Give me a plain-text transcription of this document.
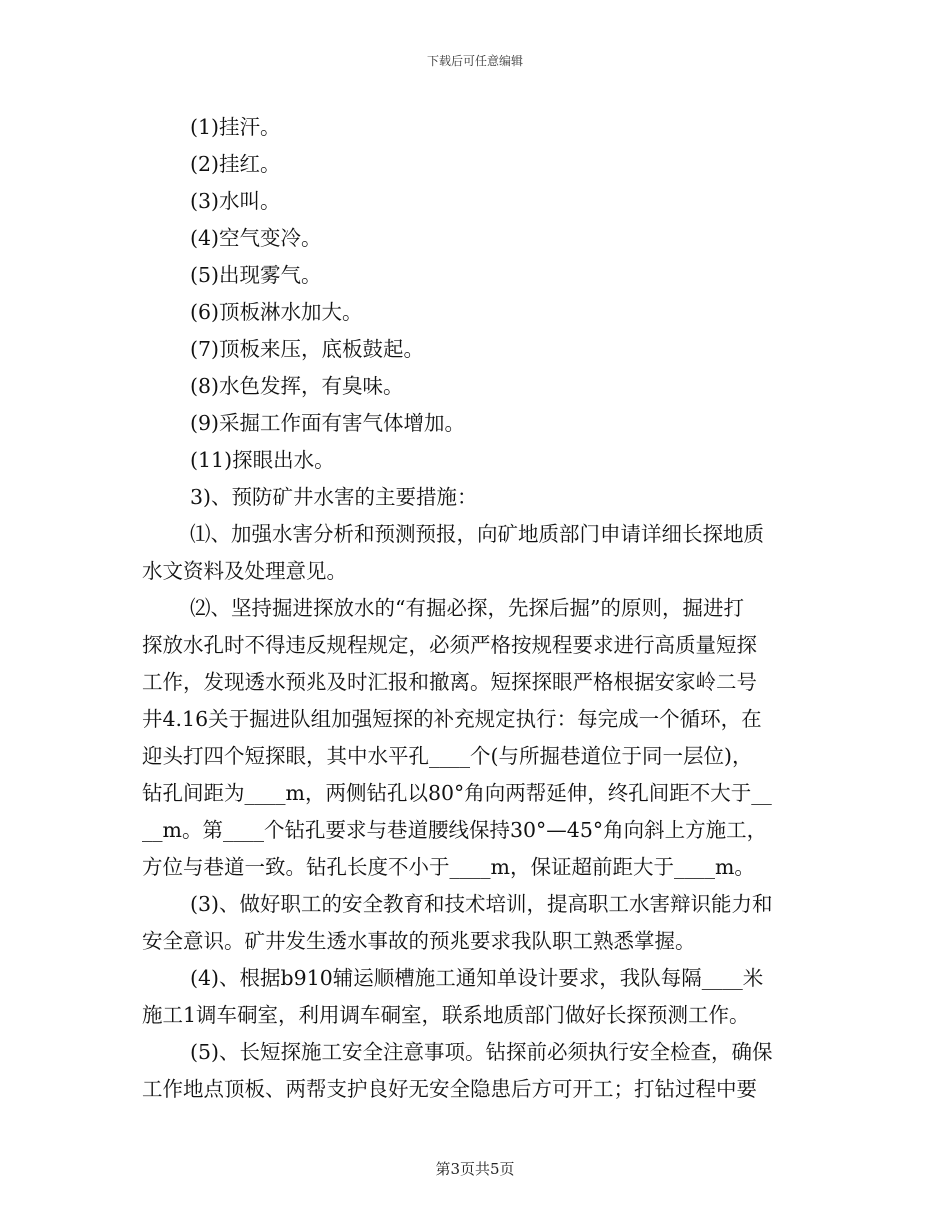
下载后可任意编辑
(1)挂汗。
(2)挂红。
(3)水叫。
(4)空气变冷。
(5)出现雾气。
(6)顶板淋水加大。
(7)顶板来压，底板鼓起。
(8)水色发挥，有臭味。
(9)采掘工作面有害气体增加。
(11)探眼出水。
3)、预防矿井水害的主要措施：
⑴、加强水害分析和预测预报，向矿地质部门申请详细长探地质
水文资料及处理意见。
⑵、坚持掘进探放水的“有掘必探，先探后掘”的原则，掘进打
探放水孔时不得违反规程规定，必须严格按规程要求进行高质量短探
工作，发现透水预兆及时汇报和撤离。短探探眼严格根据安家岭二号
井4.16关于掘进队组加强短探的补充规定执行：每完成一个循环，在
迎头打四个短探眼，其中水平孔____个(与所掘巷道位于同一层位)，
钻孔间距为____m，两侧钻孔以80°角向两帮延伸，终孔间距不大于__
__m。第____个钻孔要求与巷道腰线保持30°—45°角向斜上方施工，
方位与巷道一致。钻孔长度不小于____m，保证超前距大于____m。
(3)、做好职工的安全教育和技术培训，提高职工水害辩识能力和
安全意识。矿井发生透水事故的预兆要求我队职工熟悉掌握。
(4)、根据b910辅运顺槽施工通知单设计要求，我队每隔____米
施工1调车硐室，利用调车硐室，联系地质部门做好长探预测工作。
(5)、长短探施工安全注意事项。钻探前必须执行安全检查，确保
工作地点顶板、两帮支护良好无安全隐患后方可开工；打钻过程中要
第3页共5页
